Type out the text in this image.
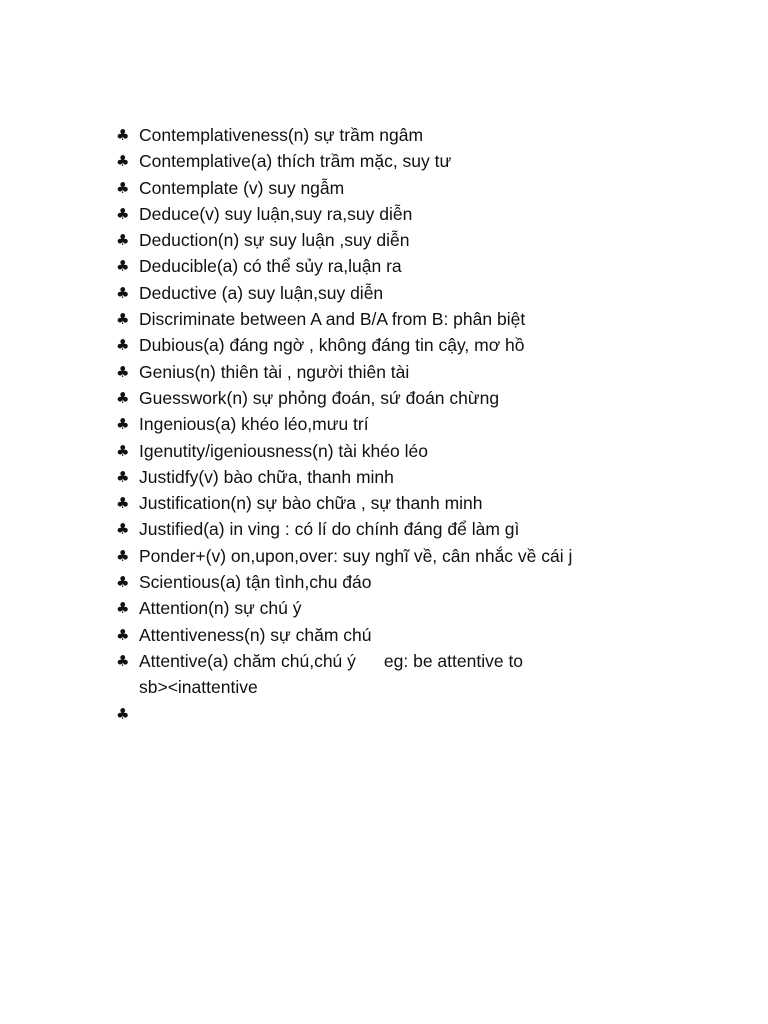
♣ Contemplativeness(n) sự trầm ngâm
♣ Contemplative(a) thích trầm mặc, suy tư
♣ Contemplate (v) suy ngẫm
♣ Deduce(v) suy luận,suy ra,suy diễn
♣ Deduction(n) sự suy luận ,suy diễn
♣ Deducible(a) có thể sủy ra,luận ra
♣ Deductive (a) suy luận,suy diễn
♣ Discriminate between A and B/A from B: phân biệt
♣ Dubious(a) đáng ngờ , không đáng tin cậy, mơ hồ
♣ Genius(n) thiên tài , người thiên tài
♣ Guesswork(n) sự phỏng đoán, sứ đoán chừng
♣ Ingenious(a) khéo léo,mưu trí
♣ Igenutity/igeniousness(n) tài khéo léo
♣ Justidfy(v) bào chữa, thanh minh
♣ Justification(n) sự bào chữa , sự thanh minh
♣ Justified(a) in ving : có lí do chính đáng để làm gì
♣ Ponder+(v) on,upon,over: suy nghĩ về, cân nhắc về cái j
♣ Scientious(a) tận tình,chu đáo
♣ Attention(n) sự chú ý
♣ Attentiveness(n) sự chăm chú
♣ Attentive(a) chăm chú,chú ý eg: be attentive to
sb><inattentive
♣
